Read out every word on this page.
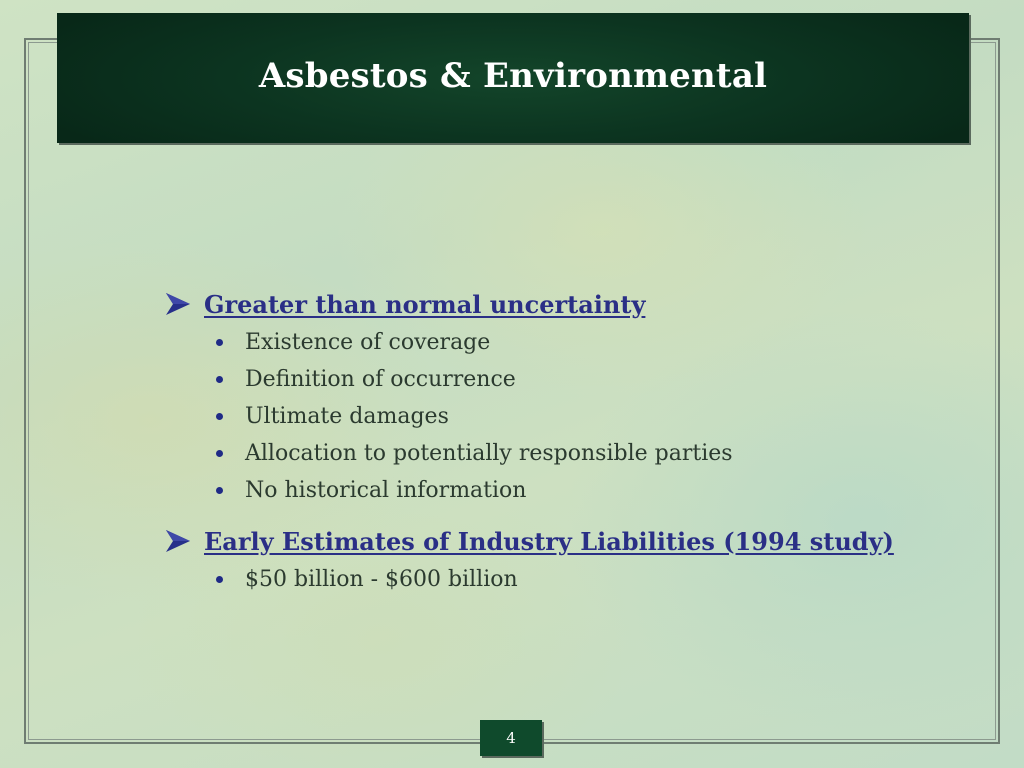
Asbestos & Environmental
Greater than normal uncertainty
Existence of coverage
Definition of occurrence
Ultimate damages
Allocation to potentially responsible parties
No historical information
Early Estimates of Industry Liabilities (1994 study)
$50 billion - $600 billion
4
